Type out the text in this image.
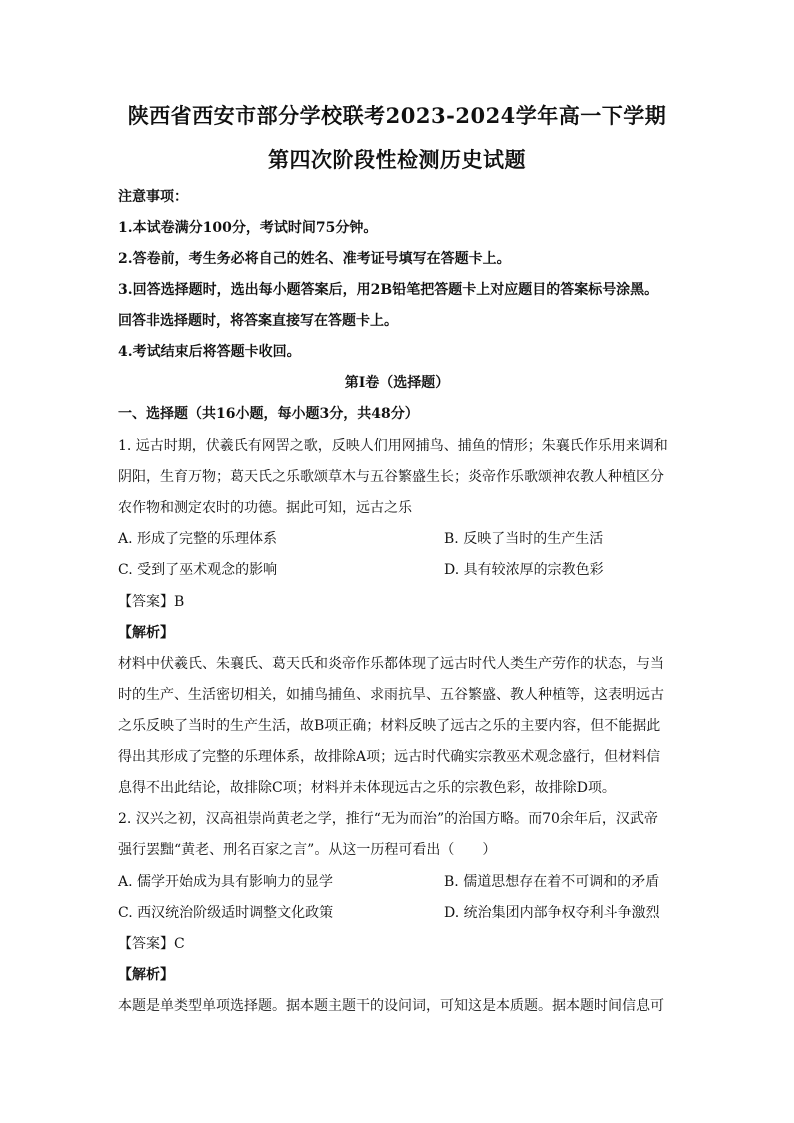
陕西省西安市部分学校联考2023-2024学年高一下学期
第四次阶段性检测历史试题
注意事项：
1.本试卷满分100分，考试时间75分钟。
2.答卷前，考生务必将自己的姓名、准考证号填写在答题卡上。
3.回答选择题时，选出每小题答案后，用2B铅笔把答题卡上对应题目的答案标号涂黑。
回答非选择题时，将答案直接写在答题卡上。
4.考试结束后将答题卡收回。
第I卷（选择题）
一、选择题（共16小题，每小题3分，共48分）
1. 远古时期，伏羲氏有网罟之歌，反映人们用网捕鸟、捕鱼的情形；朱襄氏作乐用来调和
阴阳，生育万物；葛天氏之乐歌颂草木与五谷繁盛生长；炎帝作乐歌颂神农教人种植区分
农作物和测定农时的功德。据此可知，远古之乐
A. 形成了完整的乐理体系	B. 反映了当时的生产生活
C. 受到了巫术观念的影响	D. 具有较浓厚的宗教色彩
【答案】B
【解析】
材料中伏羲氏、朱襄氏、葛天氏和炎帝作乐都体现了远古时代人类生产劳作的状态，与当
时的生产、生活密切相关，如捕鸟捕鱼、求雨抗旱、五谷繁盛、教人种植等，这表明远古
之乐反映了当时的生产生活，故B项正确；材料反映了远古之乐的主要内容，但不能据此
得出其形成了完整的乐理体系，故排除A项；远古时代确实宗教巫术观念盛行，但材料信
息得不出此结论，故排除C项；材料并未体现远古之乐的宗教色彩，故排除D项。
2. 汉兴之初，汉高祖崇尚黄老之学，推行“无为而治”的治国方略。而70余年后，汉武帝
强行罢黜“黄老、刑名百家之言”。从这一历程可看出（　　）
A. 儒学开始成为具有影响力的显学	B. 儒道思想存在着不可调和的矛盾
C. 西汉统治阶级适时调整文化政策	D. 统治集团内部争权夺利斗争激烈
【答案】C
【解析】
本题是单类型单项选择题。据本题主题干的设问词，可知这是本质题。据本题时间信息可
